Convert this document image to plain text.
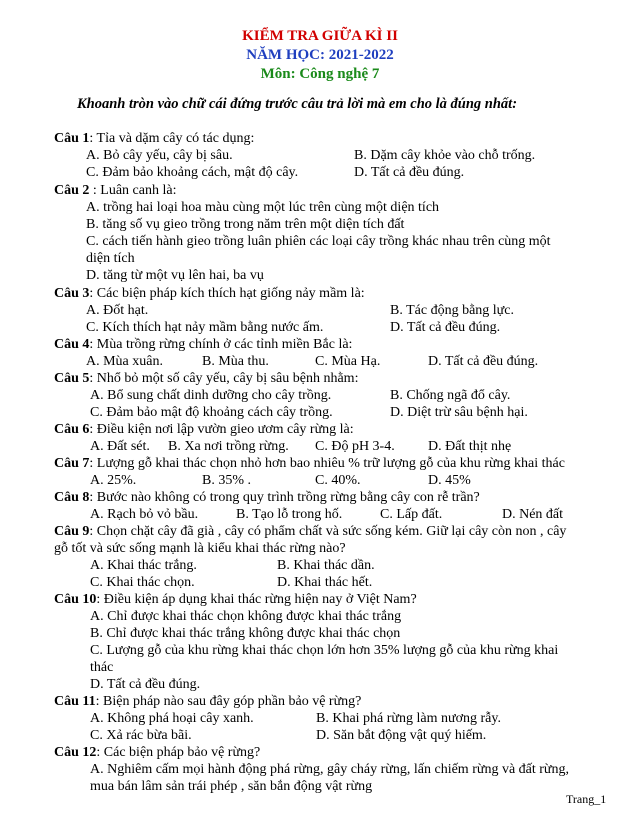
KIỂM TRA GIỮA KÌ II
NĂM HỌC: 2021-2022
Môn: Công nghệ 7
Khoanh tròn vào chữ cái đứng trước câu trả lời mà em cho là đúng nhất:
Câu 1: Tỉa và dặm cây có tác dụng:
A. Bỏ cây yếu, cây bị sâu.	B. Dặm cây khỏe vào chỗ trống.
C. Đảm bảo khoảng cách, mật độ cây.	D. Tất cả đều đúng.
Câu 2 : Luân canh là:
A. trồng hai loại hoa màu cùng một lúc trên cùng một diện tích
B. tăng số vụ gieo trồng trong năm trên một diện tích đất
C. cách tiến hành gieo trồng luân phiên các loại cây trồng khác nhau trên cùng một
diện tích
D. tăng từ một vụ lên hai, ba vụ
Câu 3: Các biện pháp kích thích hạt giống nảy mầm là:
A. Đốt hạt.	B. Tác động bằng lực.
C. Kích thích hạt nảy mầm bằng nước ấm.	D. Tất cả đều đúng.
Câu 4: Mùa trồng rừng chính ở các tỉnh miền Bắc là:
A. Mùa xuân.	B. Mùa thu.	C. Mùa Hạ.	D. Tất cả đều đúng.
Câu 5: Nhổ bỏ một số cây yếu, cây bị sâu bệnh nhằm:
A. Bổ sung chất dinh dưỡng cho cây trồng.	B. Chống ngã đổ cây.
C. Đảm bảo mật độ khoảng cách cây trồng.	D. Diệt trừ sâu bệnh hại.
Câu 6: Điều kiện nơi lập vườn gieo ươm cây rừng là:
A. Đất sét. B. Xa nơi trồng rừng. C. Độ pH 3-4. D. Đất thịt nhẹ
Câu 7: Lượng gỗ khai thác chọn nhỏ hơn bao nhiêu % trữ lượng gỗ của khu rừng khai thác
A. 25%.	B. 35% .	C. 40%.	D. 45%
Câu 8: Bước nào không có trong quy trình trồng rừng bằng cây con rễ trần?
A. Rạch bỏ vỏ bầu.	B. Tạo lỗ trong hố.	C. Lấp đất.	D. Nén đất
Câu 9: Chọn chặt cây đã già , cây có phẩm chất và sức sống kém. Giữ lại cây còn non , cây
gỗ tốt và sức sống mạnh là kiểu khai thác rừng nào?
A. Khai thác trắng.	B. Khai thác dần.
C. Khai thác chọn.	D. Khai thác hết.
Câu 10: Điều kiện áp dụng khai thác rừng hiện nay ở Việt Nam?
A. Chỉ được khai thác chọn không được khai thác trắng
B. Chỉ được khai thác trắng không được khai thác chọn
C. Lượng gỗ của khu rừng khai thác chọn lớn hơn 35% lượng gỗ của khu rừng khai
thác
D. Tất cả đều đúng.
Câu 11: Biện pháp nào sau đây góp phần bảo vệ rừng?
A. Không phá hoại cây xanh.	B. Khai phá rừng làm nương rẫy.
C. Xả rác bừa bãi.	D. Săn bắt động vật quý hiếm.
Câu 12: Các biện pháp bảo vệ rừng?
A. Nghiêm cấm mọi hành động phá rừng, gây cháy rừng, lấn chiếm rừng và đất rừng,
mua bán lâm sản trái phép , săn bắn động vật rừng
Trang_1
